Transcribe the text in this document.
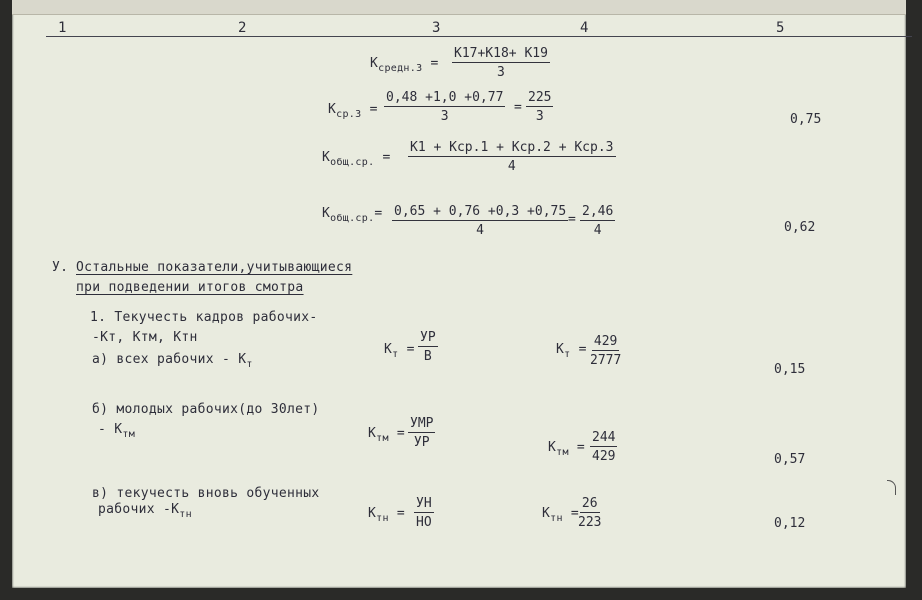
1	2	3	4	5
$К_{средн.3}$ =
К17+К18+ К19
3
$К_{ср.3} = \frac{0,48 +1,0 +0,77}{3} = \frac{225}{3}$	0,75
$К_{общ.ср.}$ =
К1 + Кср.1 + Кср.2 + Кср.3
4
$К_{общ.ср.}= \frac{0,65 + 0,76 +0,3 +0,75}{4} = \frac{2,46}{4}$	0,62
У. Остальные показатели,учитывающиеся
при подведении итогов смотра
1. Текучесть кадров рабочих-
-Кт, Ктм, Ктн
а) всех рабочих - $К_т$
$К_т$ =
УР
В	$К_т = \frac{429}{2777}$
0,15
б) молодых рабочих(до 30лет)
- $К_{тм}$	$К_{тм}$ =
УМР
УР	$К_{тм} = \frac{244}{429}$	0,57
в) текучесть вновь обученных
рабочих $-К_{тн}$	$К_{тн}$ =
УН
НО
$К_{тн}$ =
$\frac{26}{223}$	0,12
